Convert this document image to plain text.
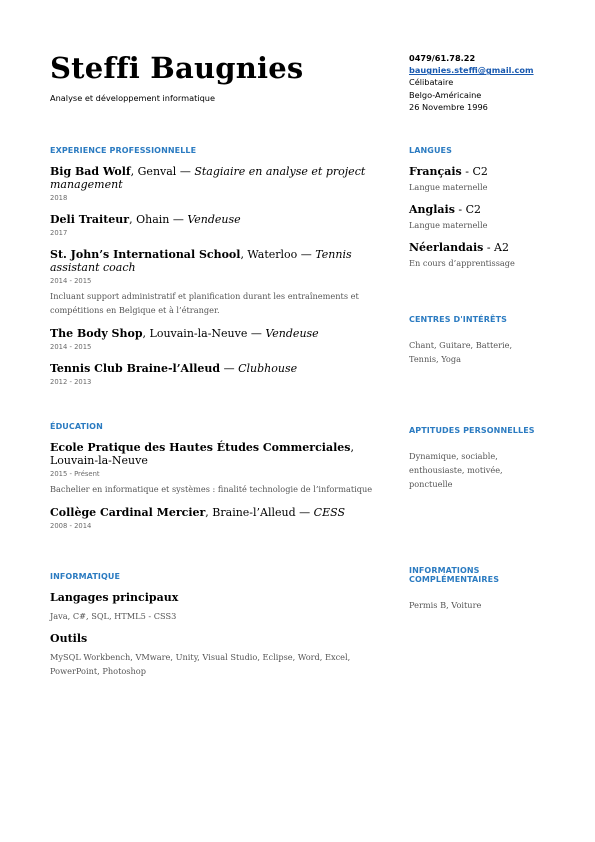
Steffi Baugnies
Analyse et développement informatique
0479/61.78.22
baugnies.steffi@gmail.com
Célibataire
Belgo-Américaine
26 Novembre 1996
EXPERIENCE PROFESSIONNELLE
Big Bad Wolf, Genval — Stagiaire en analyse et project management
2018
Deli Traiteur, Ohain — Vendeuse
2017
St. John’s International School, Waterloo — Tennis assistant coach
2014 - 2015
Incluant support administratif et planification durant les entraînements et compétitions en Belgique et à l’étranger.
The Body Shop, Louvain-la-Neuve — Vendeuse
2014 - 2015
Tennis Club Braine-l’Alleud — Clubhouse
2012 - 2013
ÉDUCATION
Ecole Pratique des Hautes Études Commerciales, Louvain-la-Neuve
2015 - Présent
Bachelier en informatique et systèmes : finalité technologie de l’informatique
Collège Cardinal Mercier, Braine-l’Alleud — CESS
2008 - 2014
INFORMATIQUE
Langages principaux
Java, C#, SQL, HTML5 - CSS3
Outils
MySQL Workbench, VMware, Unity, Visual Studio, Eclipse, Word, Excel, PowerPoint, Photoshop
LANGUES
Français - C2
Langue maternelle
Anglais - C2
Langue maternelle
Néerlandais - A2
En cours d’apprentissage
CENTRES D'INTÉRÊTS
Chant, Guitare, Batterie, Tennis, Yoga
APTITUDES PERSONNELLES
Dynamique, sociable, enthousiaste, motivée, ponctuelle
INFORMATIONS
COMPLÉMENTAIRES
Permis B, Voiture
